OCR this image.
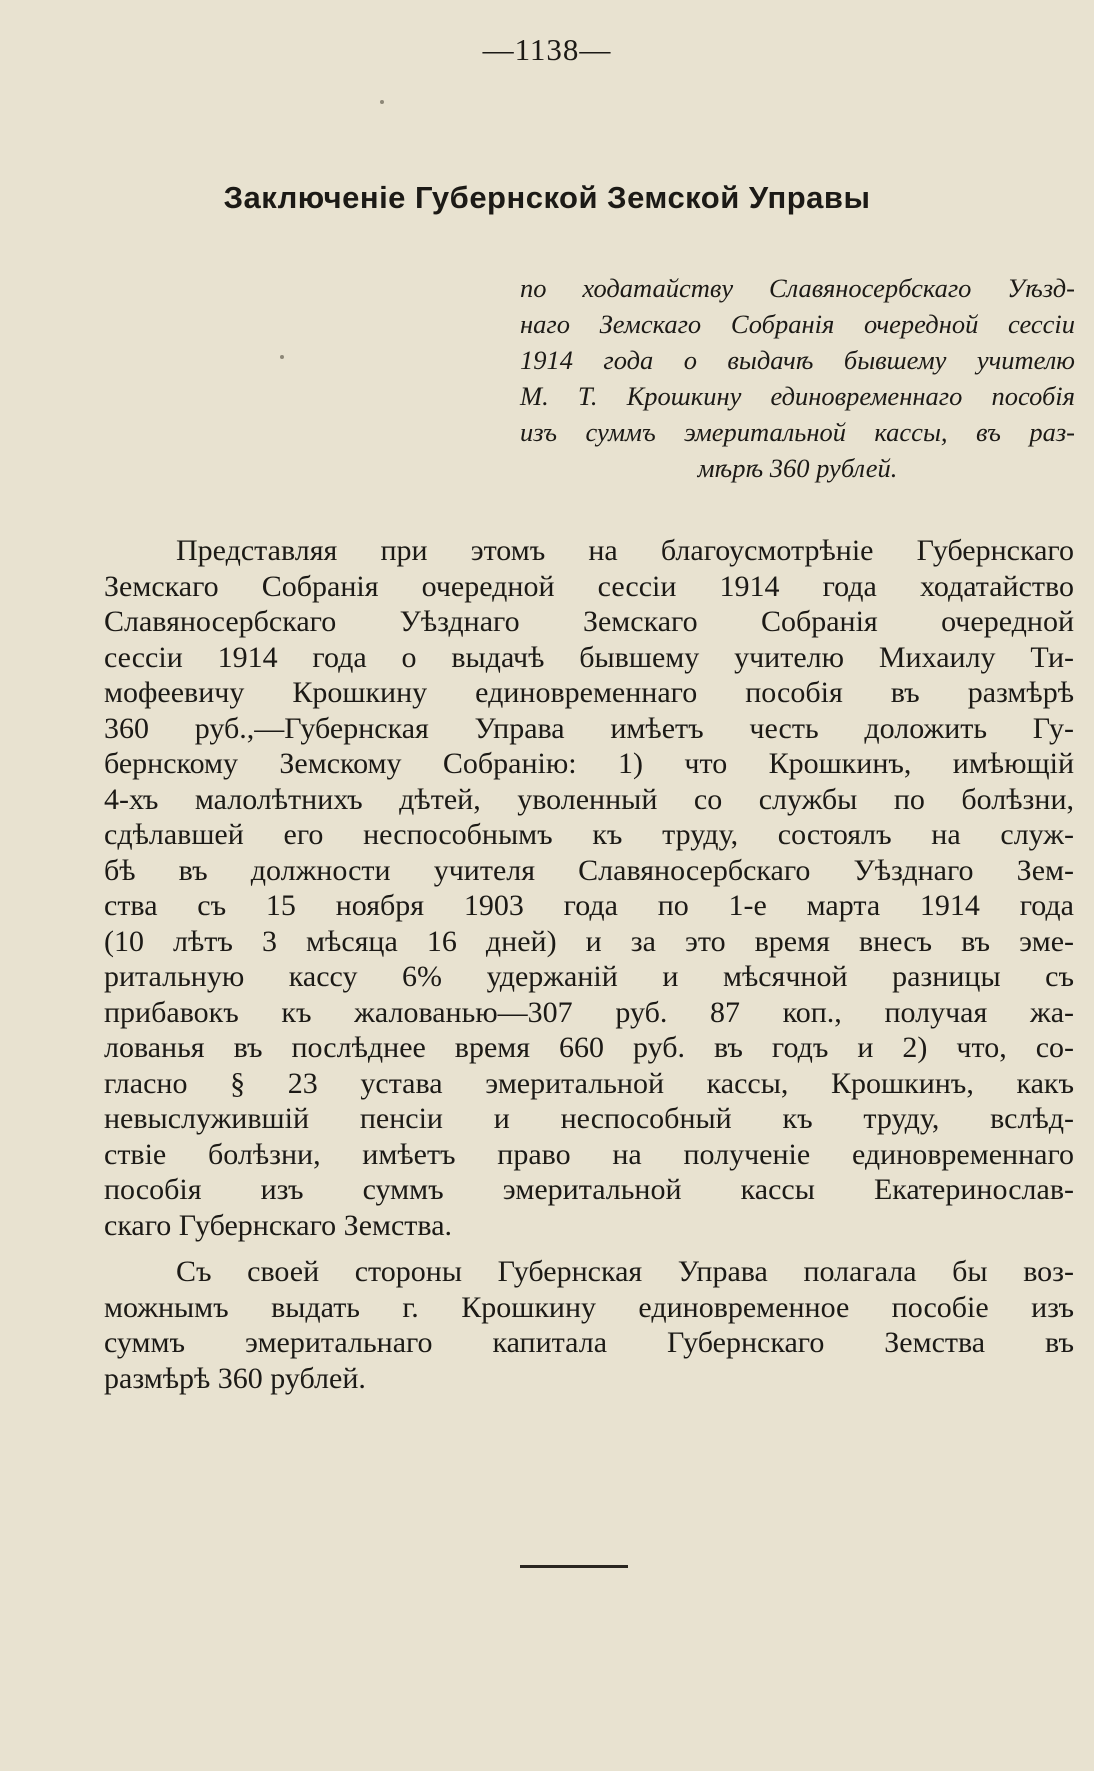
—1138—
Заключеніе Губернской Земской Управы
по ходатайству Славяносербскаго Уѣзд-
наго Земскаго Собранія очередной сессіи
1914 года о выдачѣ бывшему учителю
М. Т. Крошкину единовременнаго пособія
изъ суммъ эмеритальной кассы, въ раз-
мѣрѣ 360 рублей.
Представляя при этомъ на благоусмотрѣніе Губернскаго
Земскаго Собранія очередной сессіи 1914 года ходатайство
Славяносербскаго Уѣзднаго Земскаго Собранія очередной
сессіи 1914 года о выдачѣ бывшему учителю Михаилу Ти-
мофеевичу Крошкину единовременнаго пособія въ размѣрѣ
360 руб.,—Губернская Управа имѣетъ честь доложить Гу-
бернскому Земскому Собранію: 1) что Крошкинъ, имѣющій
4-хъ малолѣтнихъ дѣтей, уволенный со службы по болѣзни,
сдѣлавшей его неспособнымъ къ труду, состоялъ на служ-
бѣ въ должности учителя Славяносербскаго Уѣзднаго Зем-
ства съ 15 ноября 1903 года по 1-е марта 1914 года
(10 лѣтъ 3 мѣсяца 16 дней) и за это время внесъ въ эме-
ритальную кассу 6% удержаній и мѣсячной разницы съ
прибавокъ къ жалованью—307 руб. 87 коп., получая жа-
лованья въ послѣднее время 660 руб. въ годъ и 2) что, со-
гласно § 23 устава эмеритальной кассы, Крошкинъ, какъ
невыслужившій пенсіи и неспособный къ труду, вслѣд-
ствіе болѣзни, имѣетъ право на полученіе единовременнаго
пособія изъ суммъ эмеритальной кассы Екатеринослав-
скаго Губернскаго Земства.
Съ своей стороны Губернская Управа полагала бы воз-
можнымъ выдать г. Крошкину единовременное пособіе изъ
суммъ эмеритальнаго капитала Губернскаго Земства въ
размѣрѣ 360 рублей.
